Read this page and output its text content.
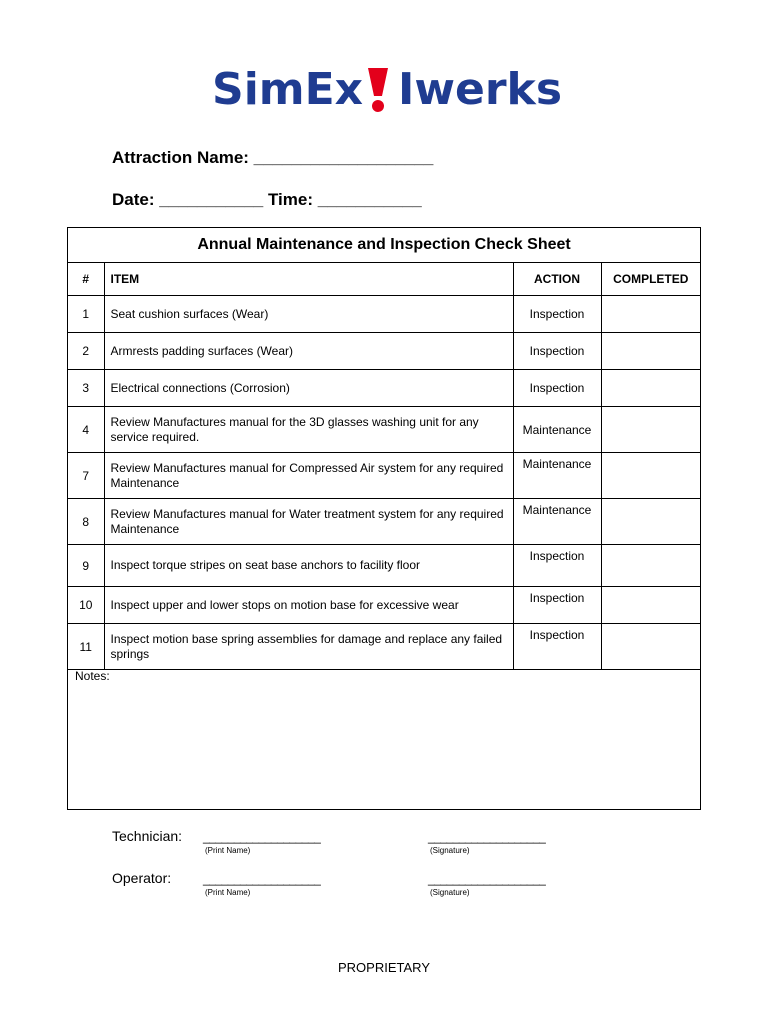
SimEx Iwerks
Attraction Name: ___________________
Date: ___________ Time: ___________
Annual Maintenance and Inspection Check Sheet			
#	ITEM	ACTION	COMPLETED
1	Seat cushion surfaces (Wear)	Inspection	
2	Armrests padding surfaces (Wear)	Inspection	
3	Electrical connections (Corrosion)	Inspection	
4	Review Manufactures manual for the 3D glasses washing unit for any service required.	Maintenance	
7	Review Manufactures manual for Compressed Air system for any required Maintenance	Maintenance	
8	Review Manufactures manual for Water treatment system for any required Maintenance	Maintenance	
9	Inspect torque stripes on seat base anchors to facility floor	Inspection	
10	Inspect upper and lower stops on motion base for excessive wear	Inspection	
11	Inspect motion base spring assemblies for damage and replace any failed springs	Inspection	
Notes:
Technician: ___________________
(Print Name)
___________________
(Signature)
Operator:	___________________
(Print Name)
___________________
(Signature)
PROPRIETARY
